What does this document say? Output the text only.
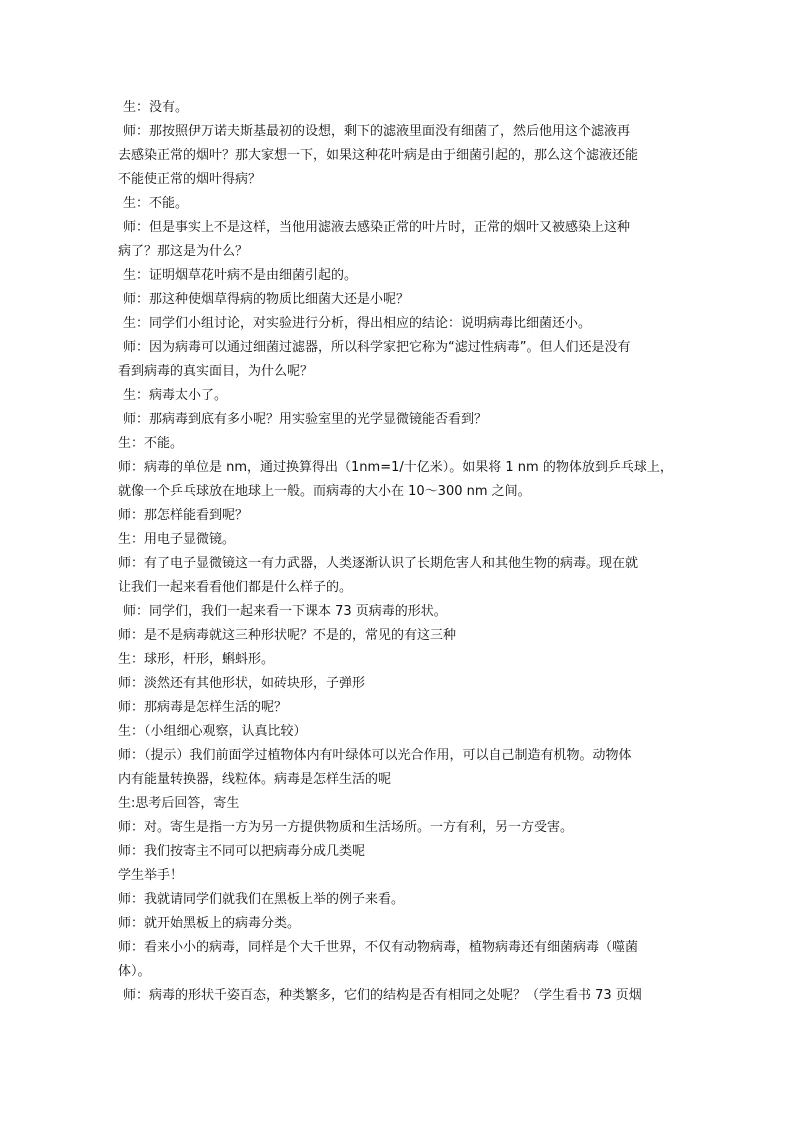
生：没有。
师：那按照伊万诺夫斯基最初的设想，剩下的滤液里面没有细菌了，然后他用这个滤液再
去感染正常的烟叶？那大家想一下，如果这种花叶病是由于细菌引起的，那么这个滤液还能
不能使正常的烟叶得病？
生：不能。
师：但是事实上不是这样，当他用滤液去感染正常的叶片时，正常的烟叶又被感染上这种
病了？那这是为什么？
生：证明烟草花叶病不是由细菌引起的。
师：那这种使烟草得病的物质比细菌大还是小呢？
生：同学们小组讨论，对实验进行分析，得出相应的结论：说明病毒比细菌还小。
师：因为病毒可以通过细菌过滤器，所以科学家把它称为“滤过性病毒”。但人们还是没有
看到病毒的真实面目，为什么呢？
生：病毒太小了。
师：那病毒到底有多小呢？用实验室里的光学显微镜能否看到？
生：不能。
师：病毒的单位是 nm，通过换算得出（1nm=1/十亿米）。如果将 1 nm 的物体放到乒乓球上，
就像一个乒乓球放在地球上一般。而病毒的大小在 10～300 nm 之间。
师：那怎样能看到呢？
生：用电子显微镜。
师：有了电子显微镜这一有力武器，人类逐渐认识了长期危害人和其他生物的病毒。现在就
让我们一起来看看他们都是什么样子的。
师：同学们，我们一起来看一下课本 73 页病毒的形状。
师：是不是病毒就这三种形状呢？不是的，常见的有这三种
生：球形，杆形，蝌蚪形。
师：淡然还有其他形状，如砖块形，子弹形
师：那病毒是怎样生活的呢？
生：（小组细心观察，认真比较）
师：（提示）我们前面学过植物体内有叶绿体可以光合作用，可以自己制造有机物。动物体
内有能量转换器，线粒体。病毒是怎样生活的呢
生:思考后回答，寄生
师：对。寄生是指一方为另一方提供物质和生活场所。一方有利，另一方受害。
师：我们按寄主不同可以把病毒分成几类呢
学生举手！
师：我就请同学们就我们在黑板上举的例子来看。
师：就开始黑板上的病毒分类。
师：看来小小的病毒，同样是个大千世界，不仅有动物病毒，植物病毒还有细菌病毒（噬菌
体）。
师：病毒的形状千姿百态，种类繁多，它们的结构是否有相同之处呢？（学生看书 73 页烟
